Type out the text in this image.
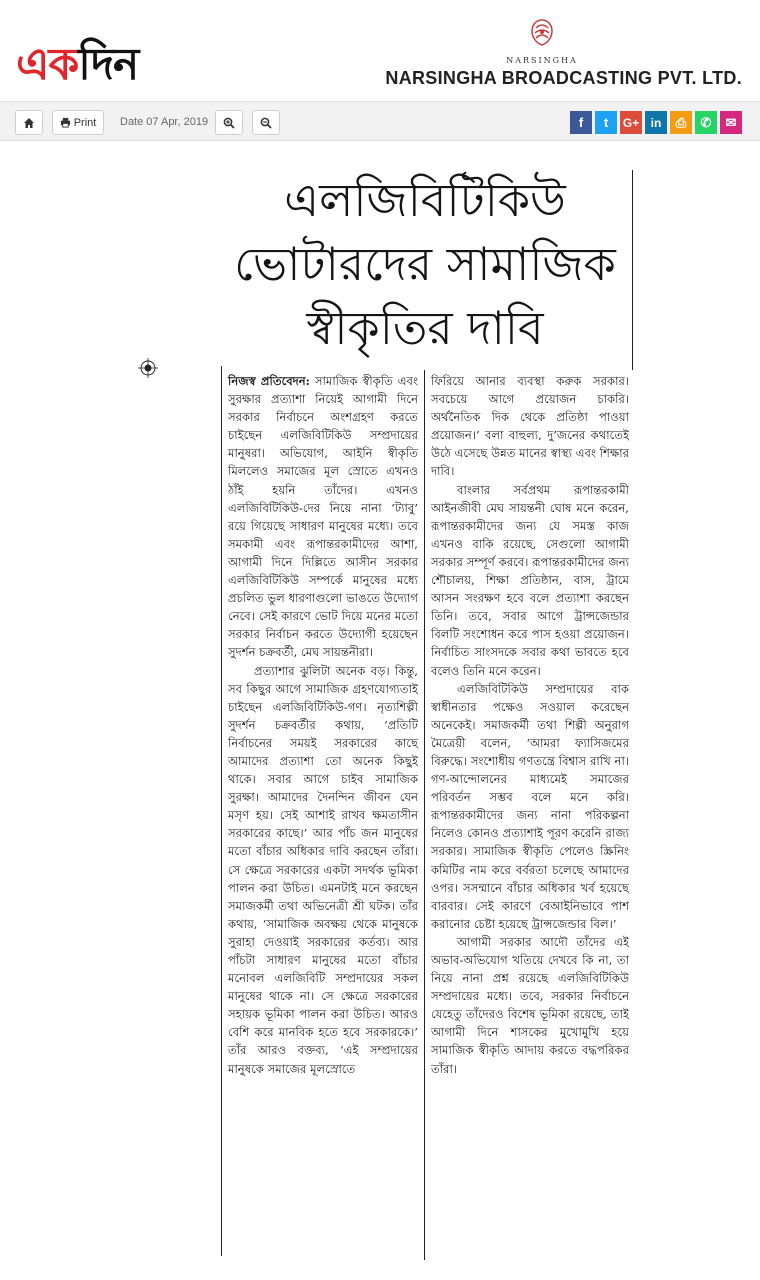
একদিন	NARSINGHA
NARSINGHA BROADCASTING PVT. LTD.
Print Date 07 Apr, 2019	f t G+ in ⎙ ✆ ✉
এলজিবিটিকিউ
ভোটারদের সামাজিক
স্বীকৃতির দাবি

নিজস্ব প্রতিবেদন: সামাজিক স্বীকৃতি এবং সুরক্ষার প্রত্যাশা নিয়েই আগামী দিনে সরকার নির্বাচনে অংশগ্রহণ করতে চাইছেন এলজিবিটিকিউ সম্প্রদায়ের মানুষরা। অভিযোগ, আইনি স্বীকৃতি মিললেও সমাজের মূল স্রোতে এখনও ঠাঁই হয়নি তাঁদের। এখনও এলজিবিটিকিউ-দের নিয়ে নানা ‘ট্যাবু’ রয়ে গিয়েছে সাধারণ মানুষের মধ্যে। তবে সমকামী এবং রূপান্তরকামীদের আশা, আগামী দিনে দিল্লিতে আসীন সরকার এলজিবিটিকিউ সম্পর্কে মানুষের মধ্যে প্রচলিত ভুল ধারণাগুলো ভাঙতে উদ্যোগ নেবে। সেই কারণে ভোট দিয়ে মনের মতো সরকার নির্বাচন করতে উদ্যোগী হয়েছেন সুদর্শন চক্রবর্তী, মেঘ সায়ন্তনীরা।

প্রত্যাশার ঝুলিটা অনেক বড়। কিন্তু, সব কিছুর আগে সামাজিক গ্রহণযোগ্যতাই চাইছেন এলজিবিটিকিউ-গণ। নৃত্যশিল্পী সুদর্শন চক্রবর্তীর কথায়, ‘প্রতিটি নির্বাচনের সময়ই সরকারের কাছে আমাদের প্রত্যাশা তো অনেক কিছুই থাকে। সবার আগে চাইব সামাজিক সুরক্ষা। আমাদের দৈনন্দিন জীবন যেন মসৃণ হয়। সেই আশাই রাখব ক্ষমতাসীন সরকারের কাছে।’ আর পাঁচ জন মানুষের মতো বাঁচার অধিকার দাবি করছেন তাঁরা। সে ক্ষেত্রে সরকারের একটা সদর্থক ভূমিকা পালন করা উচিত। এমনটাই মনে করছেন সমাজকর্মী তথা অভিনেত্রী শ্রী ঘটক। তাঁর কথায়, ‘সামাজিক অবক্ষয় থেকে মানুষকে সুরাহা দেওয়াই সরকারের কর্তব্য। আর পাঁচটা সাধারণ মানুষের মতো বাঁচার মনোবল এলজিবিটি সম্প্রদায়ের সকল মানুষের থাকে না। সে ক্ষেত্রে সরকারের সহায়ক ভূমিকা পালন করা উচিত। আরও বেশি করে মানবিক হতে হবে সরকারকে।’ তাঁর আরও বক্তব্য, ‘এই সম্প্রদায়ের মানুষকে সমাজের মূলস্রোতে

ফিরিয়ে আনার ব্যবস্থা করুক সরকার। সবচেয়ে আগে প্রয়োজন চাকরি। অর্থনৈতিক দিক থেকে প্রতিষ্ঠা পাওয়া প্রয়োজন।’ বলা বাহুল্য, দু’জনের কথাতেই উঠে এসেছে উন্নত মানের স্বাস্থ্য এবং শিক্ষার দাবি।

বাংলার সর্বপ্রথম রূপান্তরকামী আইনজীবী মেঘ সায়ন্তনী ঘোষ মনে করেন, রূপান্তরকামীদের জন্য যে সমস্ত কাজ এখনও বাকি রয়েছে, সেগুলো আগামী সরকার সম্পূর্ণ করবে। রূপান্তরকামীদের জন্য শৌচালয়, শিক্ষা প্রতিষ্ঠান, বাস, ট্রামে আসন সংরক্ষণ হবে বলে প্রত্যাশা করছেন তিনি। তবে, সবার আগে ট্রান্সজেন্ডার বিলটি সংশোধন করে পাস হওয়া প্রয়োজন। নির্বাচিত সাংসদকে সবার কথা ভাবতে হবে বলেও তিনি মনে করেন।

এলজিবিটিকিউ সম্প্রদায়ের বাক স্বাধীনতার পক্ষেও সওয়াল করেছেন অনেকেই। সমাজকর্মী তথা শিল্পী অনুরাগ মৈত্রেয়ী বলেন, ‘আমরা ফ্যাসিজমের বিরুদ্ধে। সংশোধীয় গণতন্ত্রে বিশ্বাস রাখি না। গণ-আন্দোলনের মাধ্যমেই সমাজের পরিবর্তন সম্ভব বলে মনে করি। রূপান্তরকামীদের জন্য নানা পরিকল্পনা নিলেও কোনও প্রত্যাশাই পূরণ করেনি রাজ্য সরকার। সামাজিক স্বীকৃতি পেলেও স্ক্রিনিং কমিটির নাম করে বর্বরতা চলেছে আমাদের ওপর। সসম্মানে বাঁচার অধিকার খর্ব হয়েছে বারবার। সেই কারণে বেআইনিভাবে পাশ করানোর চেষ্টা হয়েছে ট্রান্সজেন্ডার বিল।’

আগামী সরকার আদৌ তাঁদের এই অভাব-অভিযোগ খতিয়ে দেখবে কি না, তা নিয়ে নানা প্রশ্ন রয়েছে এলজিবিটিকিউ সম্প্রদায়ের মধ্যে। তবে, সরকার নির্বাচনে যেহেতু তাঁদেরও বিশেষ ভূমিকা রয়েছে, তাই আগামী দিনে শাসকের মুখোমুখি হয়ে সামাজিক স্বীকৃতি আদায় করতে বদ্ধপরিকর তাঁরা।
